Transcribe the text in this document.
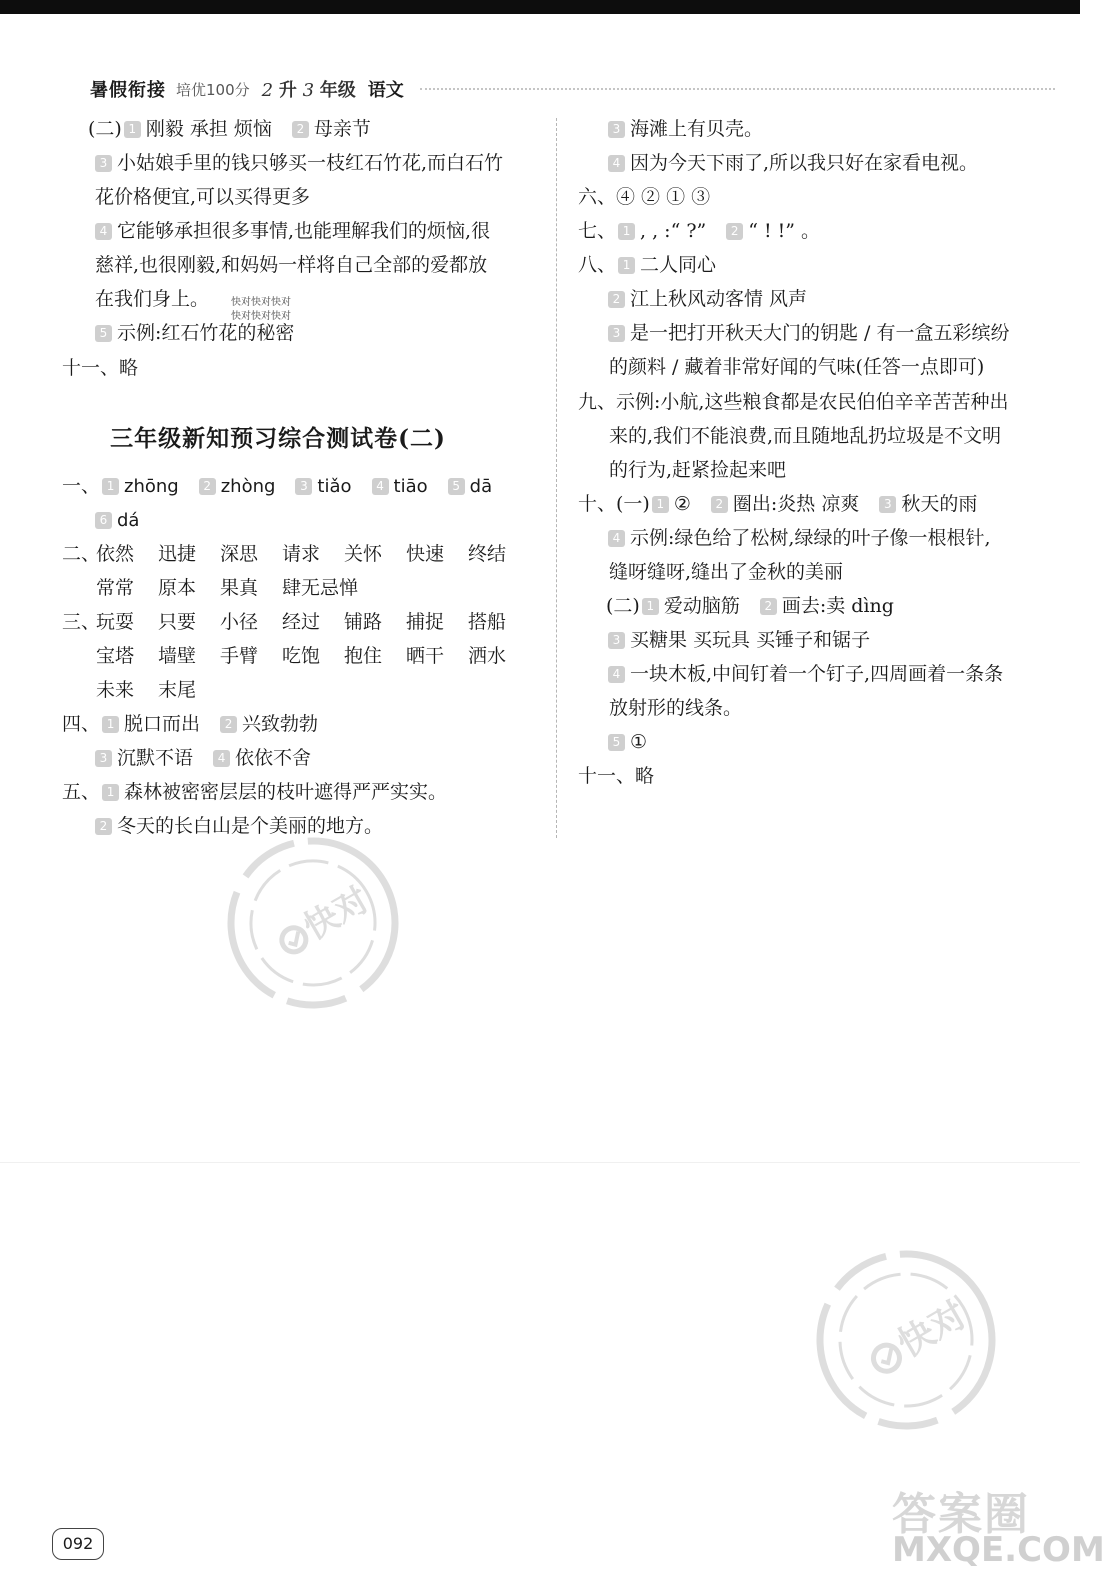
暑假衔接 培优100分 2 升 3 年级 语文
(二) 1 刚毅 承担 烦恼 2 母亲节
3 小姑娘手里的钱只够买一枝红石竹花,而白石竹
花价格便宜,可以买得更多
4 它能够承担很多事情,也能理解我们的烦恼,很
慈祥,也很刚毅,和妈妈一样将自己全部的爱都放
在我们身上。 快对快对快对
快对快对快对
5 示例:红石竹花的秘密
十一、略
三年级新知预习综合测试卷(二)
一、 1 zhōng 2 zhòng 3 tiǎo 4 tiāo 5 dā
6 dá
二、
依然 迅捷 深思 请求 关怀 快速 终结
常常 原本 果真 肆无忌惮
三、
玩耍 只要 小径 经过 铺路 捕捉 搭船
宝塔 墙壁 手臂 吃饱 抱住 晒干 洒水
未来 末尾
四、 1 脱口而出 2 兴致勃勃
3 沉默不语 4 依依不舍
五、 1 森林被密密层层的枝叶遮得严严实实。
2 冬天的长白山是个美丽的地方。
3 海滩上有贝壳。
4 因为今天下雨了,所以我只好在家看电视。
六、④ ② ① ③
七、 1 , , :“ ?” 2 “ ! !” 。
八、 1 二人同心
2 江上秋风动客情 风声
3 是一把打开秋天大门的钥匙 / 有一盒五彩缤纷
的颜料 / 藏着非常好闻的气味(任答一点即可)
九、示例:小航,这些粮食都是农民伯伯辛辛苦苦种出
来的,我们不能浪费,而且随地乱扔垃圾是不文明
的行为,赶紧捡起来吧
十、(一) 1 ② 2 圈出:炎热 凉爽 3 秋天的雨
4 示例:绿色给了松树,绿绿的叶子像一根根针,
缝呀缝呀,缝出了金秋的美丽
(二) 1 爱动脑筋 2 画去:卖 dìng
3 买糖果 买玩具 买锤子和锯子
4 一块木板,中间钉着一个钉子,四周画着一条条
放射形的线条。
5 ①
十一、略
快对
快对
答案圈
MXQE.COM
092
